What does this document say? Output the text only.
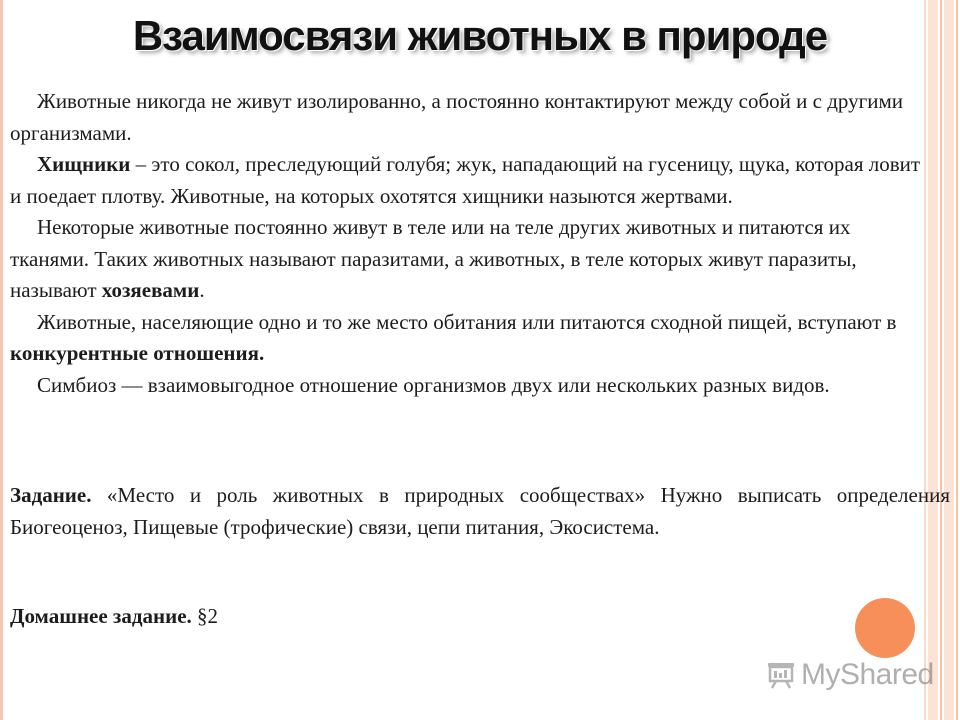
Взаимосвязи животных в природе

Животные никогда не живут изолированно, а постоянно контактируют между собой и с другими организмами.

Хищники – это сокол, преследующий голубя; жук, нападающий на гусеницу, щука, которая ловит и поедает плотву. Животные, на которых охотятся хищники назыются жертвами.

Некоторые животные постоянно живут в теле или на теле других животных и питаются их тканями. Таких животных называют паразитами, а животных, в теле которых живут паразиты, называют хозяевами.

Животные, населяющие одно и то же место обитания или питаются сходной пищей, вступают в конкурентные отношения.

Симбиоз — взаимовыгодное отношение организмов двух или нескольких разных видов.

Задание. «Место и роль животных в природных сообществах» Нужно выписать определения Биогеоценоз, Пищевые (трофические) связи, цепи питания, Экосистема.

Домашнее задание. §2

MyShared
